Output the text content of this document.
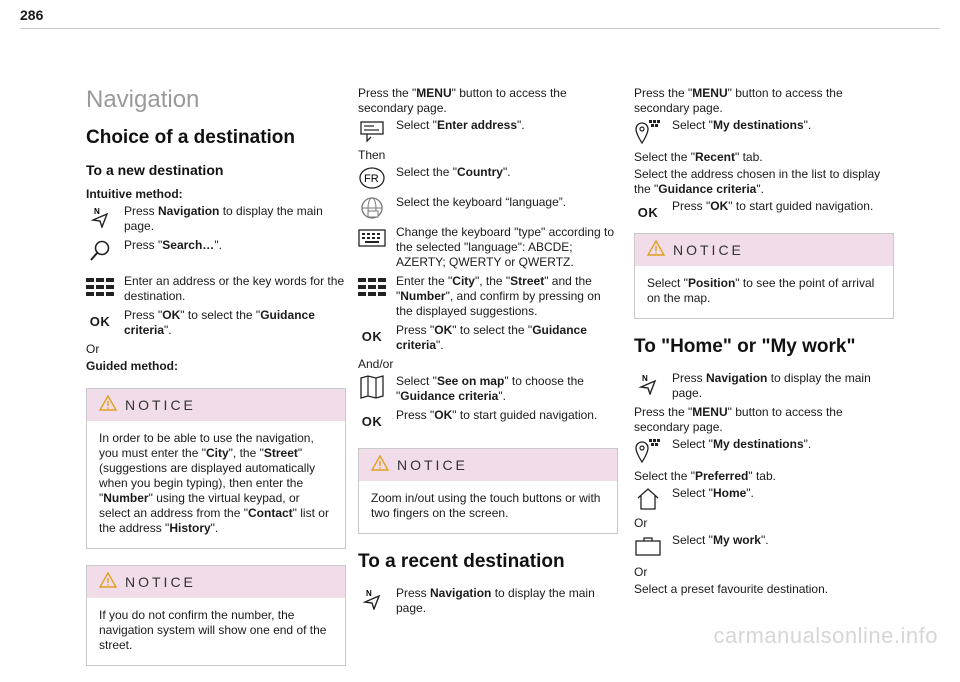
286
Navigation
Choice of a destination
To a new destination

Intuitive method:

N Press Navigation to display the main page.
Press "Search…".
Enter an address or the key words for the destination.
OK	Press "OK" to select the "Guidance criteria".

Or

Guided method:

NOTICE
In order to be able to use the navigation, you must enter the "City", the "Street" (suggestions are displayed automatically when you begin typing), then enter the "Number" using the virtual keypad, or select an address from the "Contact" list or the address "History".
NOTICE
If you do not confirm the number, the navigation system will show one end of the street.

Press the "MENU" button to access the secondary page.

Select "Enter address".

Then

FR Select the "Country".
Select the keyboard “language”.
Change the keyboard "type" according to the selected "language": ABCDE; AZERTY; QWERTY or QWERTZ.
Enter the "City", the "Street" and the "Number", and confirm by pressing on the displayed suggestions.
OK	Press "OK" to select the "Guidance criteria".

And/or

Select "See on map" to choose the "Guidance criteria".
OK	Press "OK" to start guided navigation.
NOTICE
Zoom in/out using the touch buttons or with two fingers on the screen.
To a recent destination
N Press Navigation to display the main page.

Press the "MENU" button to access the secondary page.

Select "My destinations".

Select the "Recent" tab.

Select the address chosen in the list to display the "Guidance criteria".

OK	Press "OK" to start guided navigation.
NOTICE
Select "Position" to see the point of arrival on the map.
To "Home" or "My work"
N Press Navigation to display the main page.

Press the "MENU" button to access the secondary page.

Select "My destinations".

Select the "Preferred" tab.

Select "Home".

Or

Select "My work".

Or

Select a preset favourite destination.

carmanualsonline.info
